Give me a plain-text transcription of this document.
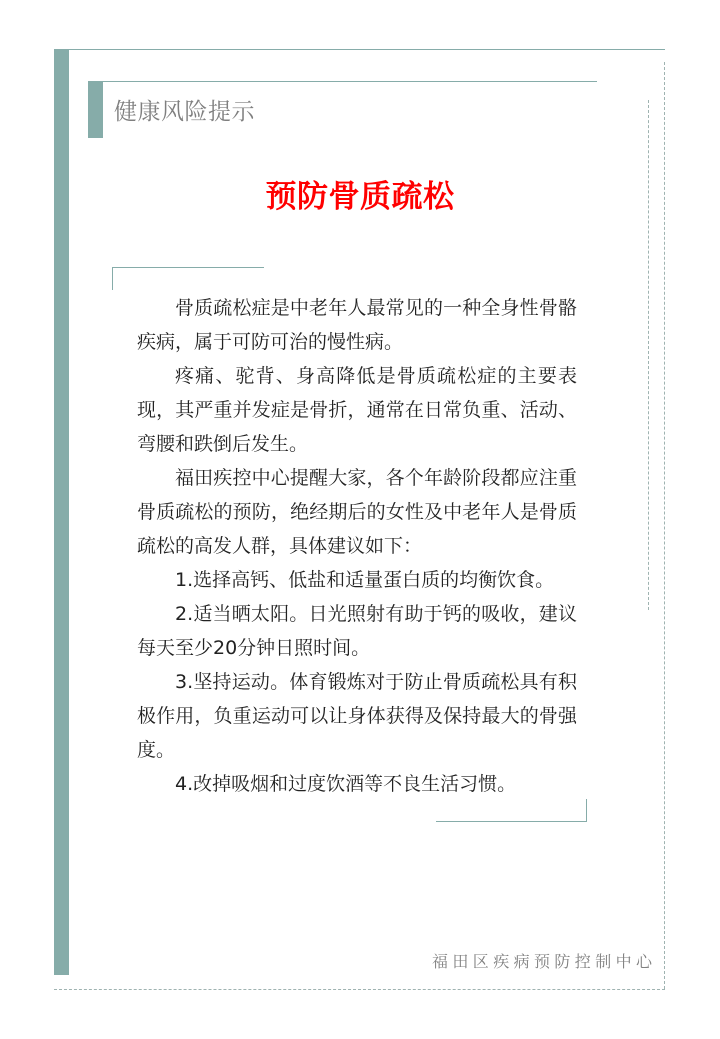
健康风险提示
预防骨质疏松

骨质疏松症是中老年人最常见的一种全身性骨骼疾病，属于可防可治的慢性病。

疼痛、驼背、身高降低是骨质疏松症的主要表现，其严重并发症是骨折，通常在日常负重、活动、弯腰和跌倒后发生。

福田疾控中心提醒大家，各个年龄阶段都应注重骨质疏松的预防，绝经期后的女性及中老年人是骨质疏松的高发人群，具体建议如下：

1.选择高钙、低盐和适量蛋白质的均衡饮食。

2.适当晒太阳。日光照射有助于钙的吸收，建议每天至少20分钟日照时间。

3.坚持运动。体育锻炼对于防止骨质疏松具有积极作用，负重运动可以让身体获得及保持最大的骨强度。

4.改掉吸烟和过度饮酒等不良生活习惯。

福田区疾病预防控制中心
